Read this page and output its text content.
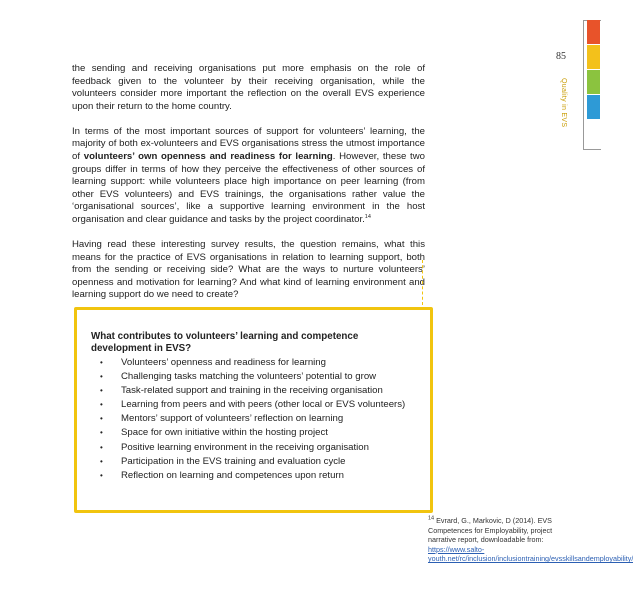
85
Quality in EVS

the sending and receiving organisations put more emphasis on the role of feedback given to the volunteer by their receiving organisation, while the volunteers consider more important the reflection on the overall EVS experience upon their return to the home country.

In terms of the most important sources of support for volunteers’ learning, the majority of both ex-volunteers and EVS organisations stress the utmost importance of volunteers’ own openness and readiness for learning. However, these two groups differ in terms of how they perceive the effectiveness of other sources of learning support: while volunteers place high importance on peer learning (from other EVS volunteers) and EVS trainings, the organisations rather value the ‘organisational sources’, like a supportive learning environment in the host organisation and clear guidance and tasks by the project coordinator.$^{14}$

Having read these interesting survey results, the question remains, what this means for the practice of EVS organisations in relation to learning support, both from the sending or receiving side? What are the ways to nurture volunteers’ openness and motivation for learning? And what kind of learning environment and learning support do we need to create?

What contributes to volunteers’ learning and competence development in EVS?
•	Volunteers’ openness and readiness for learning
•	Challenging tasks matching the volunteers’ potential to grow
•	Task-related support and training in the receiving organisation
•	Learning from peers and with peers (other local or EVS volunteers)
•	Mentors’ support of volunteers’ reflection on learning
•	Space for own initiative within the hosting project
•	Positive learning environment in the receiving organisation
•	Participation in the EVS training and evaluation cycle
•	Reflection on learning and competences upon return
$^{14}$ Evrard, G., Markovic, D (2014). EVS Competences for Employability, project narrative report, downloadable from: https://www.salto-youth.net/rc/inclusion/inclusiontraining/evsskillsandemployability/
